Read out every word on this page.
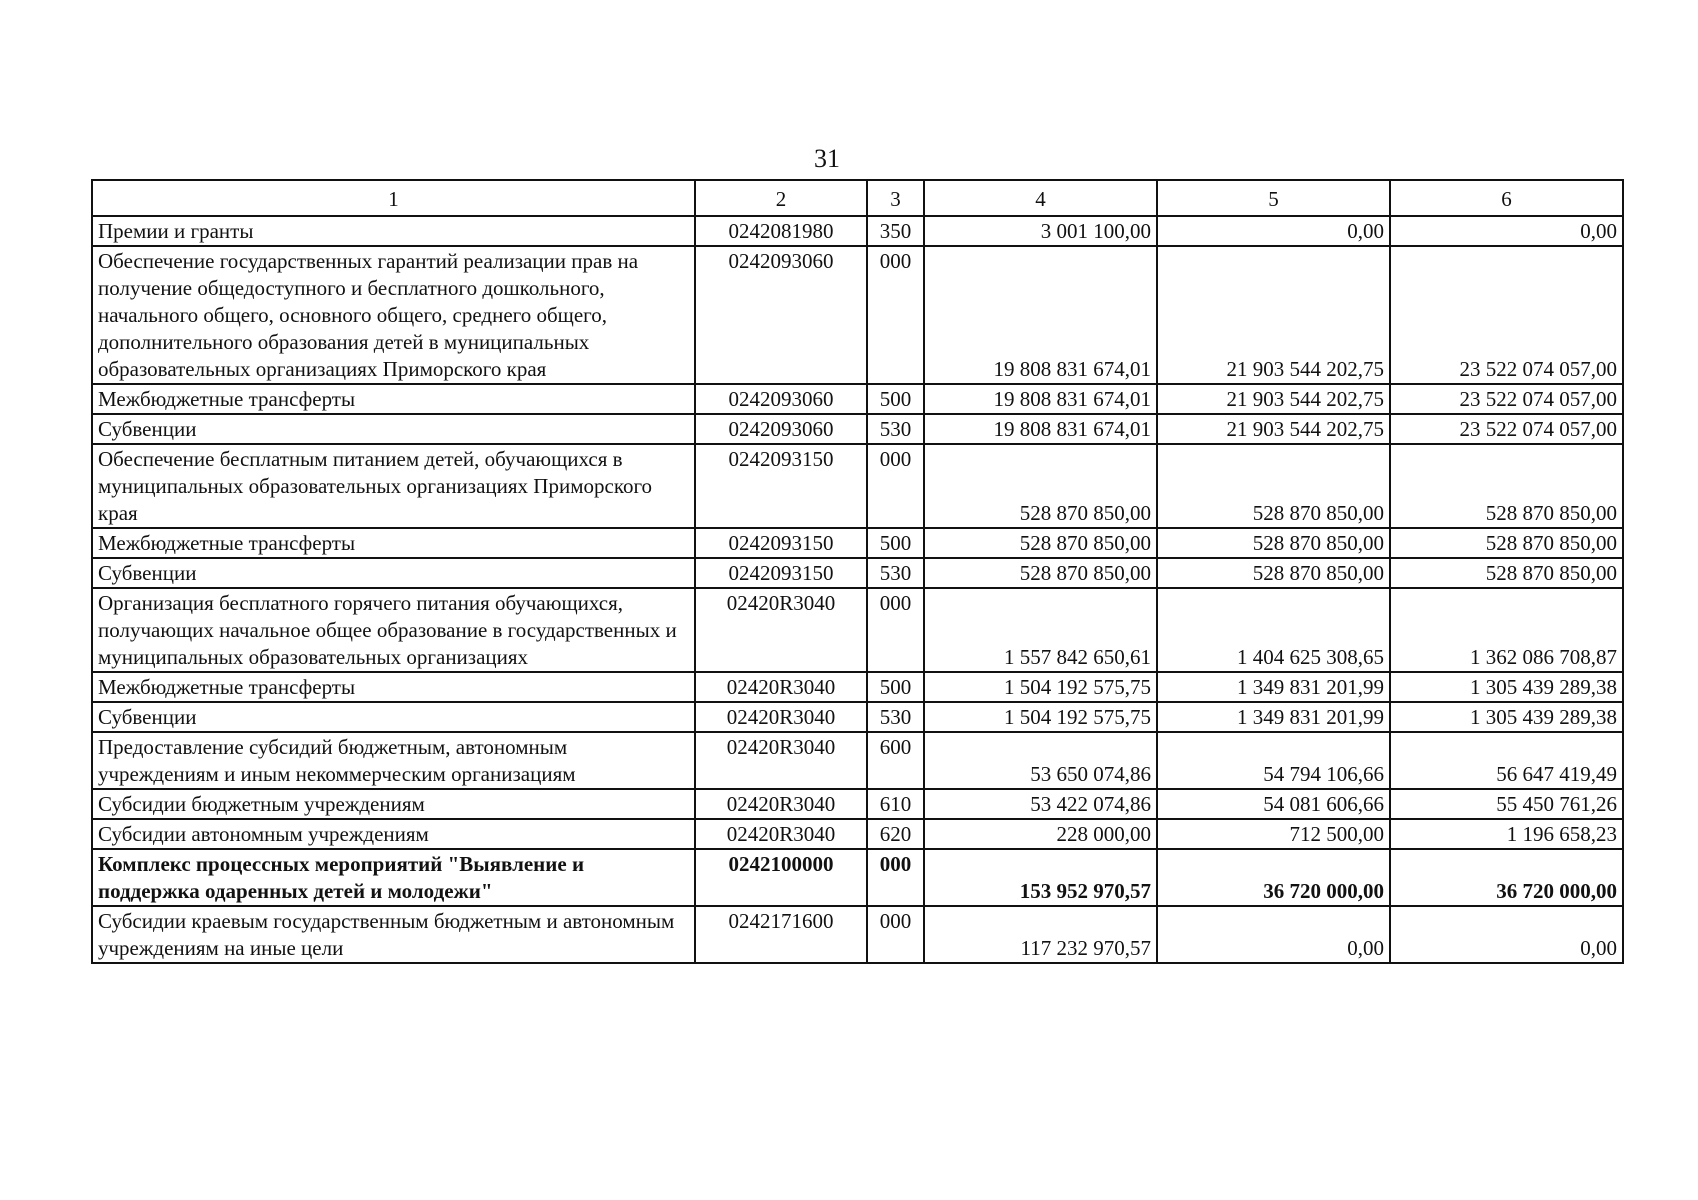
31
1	2	3	4	5	6
Премии и гранты	0242081980	350	3 001 100,00	0,00	0,00
Обеспечение государственных гарантий реализации прав на получение общедоступного и бесплатного дошкольного, начального общего, основного общего, среднего общего, дополнительного образования детей в муниципальных образовательных организациях Приморского края	0242093060	000	19 808 831 674,01	21 903 544 202,75	23 522 074 057,00
Межбюджетные трансферты	0242093060	500	19 808 831 674,01	21 903 544 202,75	23 522 074 057,00
Субвенции	0242093060	530	19 808 831 674,01	21 903 544 202,75	23 522 074 057,00
Обеспечение бесплатным питанием детей, обучающихся в муниципальных образовательных организациях Приморского края	0242093150	000	528 870 850,00	528 870 850,00	528 870 850,00
Межбюджетные трансферты	0242093150	500	528 870 850,00	528 870 850,00	528 870 850,00
Субвенции	0242093150	530	528 870 850,00	528 870 850,00	528 870 850,00
Организация бесплатного горячего питания обучающихся, получающих начальное общее образование в государственных и муниципальных образовательных организациях	02420R3040	000	1 557 842 650,61	1 404 625 308,65	1 362 086 708,87
Межбюджетные трансферты	02420R3040	500	1 504 192 575,75	1 349 831 201,99	1 305 439 289,38
Субвенции	02420R3040	530	1 504 192 575,75	1 349 831 201,99	1 305 439 289,38
Предоставление субсидий бюджетным, автономным учреждениям и иным некоммерческим организациям	02420R3040	600	53 650 074,86	54 794 106,66	56 647 419,49
Субсидии бюджетным учреждениям	02420R3040	610	53 422 074,86	54 081 606,66	55 450 761,26
Субсидии автономным учреждениям	02420R3040	620	228 000,00	712 500,00	1 196 658,23
Комплекс процессных мероприятий "Выявление и поддержка одаренных детей и молодежи"	0242100000	000	153 952 970,57	36 720 000,00	36 720 000,00
Субсидии краевым государственным бюджетным и автономным учреждениям на иные цели	0242171600	000	117 232 970,57	0,00	0,00
